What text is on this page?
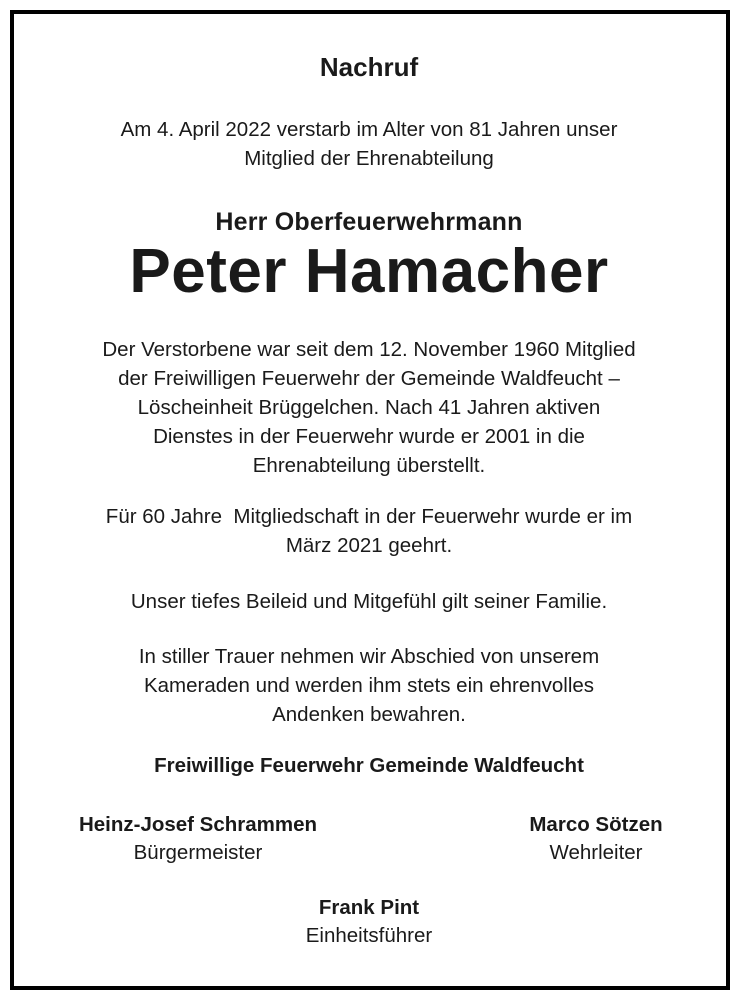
Nachruf
Am 4. April 2022 verstarb im Alter von 81 Jahren unser
Mitglied der Ehrenabteilung
Herr Oberfeuerwehrmann
Peter Hamacher
Der Verstorbene war seit dem 12. November 1960 Mitglied
der Freiwilligen Feuerwehr der Gemeinde Waldfeucht –
Löscheinheit Brüggelchen. Nach 41 Jahren aktiven
Dienstes in der Feuerwehr wurde er 2001 in die
Ehrenabteilung überstellt.
Für 60 Jahre  Mitgliedschaft in der Feuerwehr wurde er im
März 2021 geehrt.
Unser tiefes Beileid und Mitgefühl gilt seiner Familie.
In stiller Trauer nehmen wir Abschied von unserem
Kameraden und werden ihm stets ein ehrenvolles
Andenken bewahren.
Freiwillige Feuerwehr Gemeinde Waldfeucht
Heinz-Josef Schrammen
Bürgermeister
Marco Sötzen
Wehrleiter
Frank Pint
Einheitsführer
